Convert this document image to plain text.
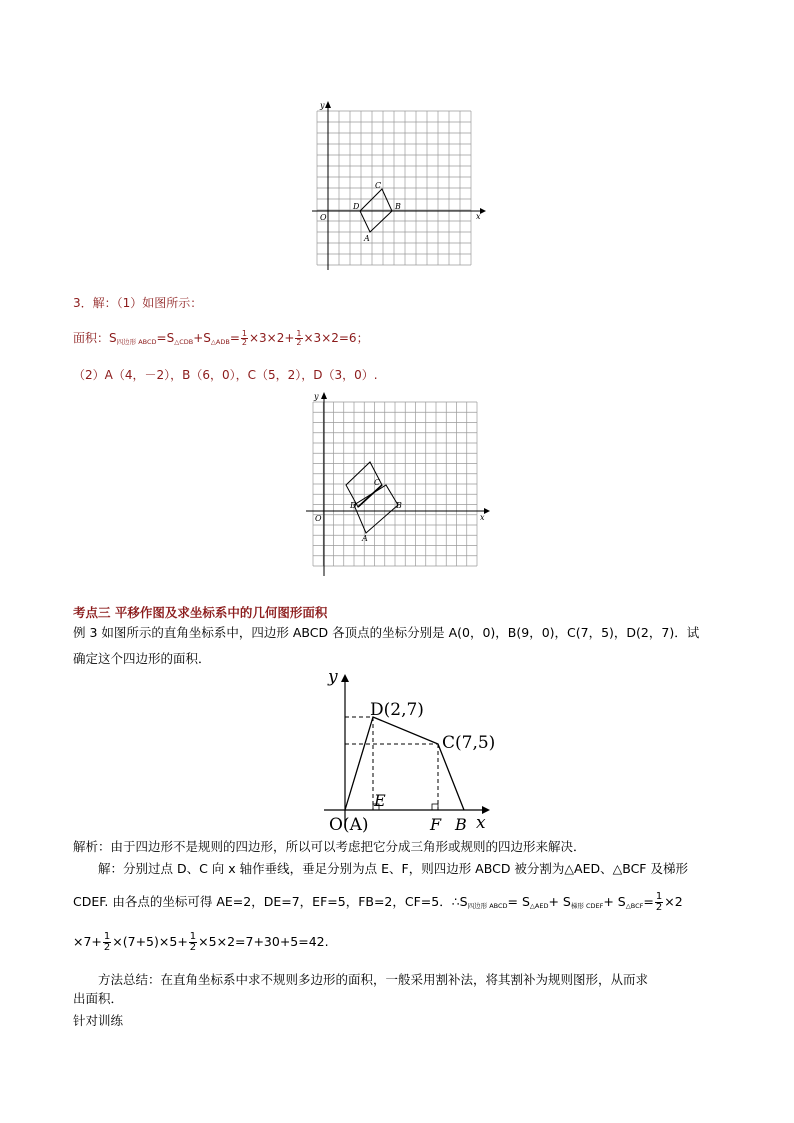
y
x
O
A
B
C
D
3．解：（1）如图所示：
面积：$S_{四边形 ABCD}=S_{\triangle CDB}+S_{\triangle ADB}= \frac{1}{2} \times 3\times 2+ \frac{1}{2} \times 3\times 2=6$；
（2）A（4，－2），B（6，0），C（5，2），D（3，0）.
y
x
O
A
B
C
D
考点三 平移作图及求坐标系中的几何图形面积
例 3 如图所示的直角坐标系中，四边形 ABCD 各顶点的坐标分别是 A(0，0)，B(9，0)，C(7，5)，D(2，7)．试
确定这个四边形的面积．
y
x
D(2,7)
C(7,5)
E
F
O(A)	B
解析：由于四边形不是规则的四边形，所以可以考虑把它分成三角形或规则的四边形来解决．
解：分别过点 D、C 向 x 轴作垂线，垂足分别为点 E、F，则四边形 ABCD 被分割为△AED、△BCF 及梯形
CDEF. 由各点的坐标可得 AE=2，DE=7，EF=5，FB=2，CF=5．$\therefore S_{四边形 ABCD}= S_{\triangle AED}+ S_{梯形 CDEF}+ S_{\triangle BCF}= \frac{1}{2} \times 2$
$\times 7+ \frac{1}{2} \times(7+5)\times 5+ \frac{1}{2} \times 5\times 2=7+30+5=42$.
方法总结：在直角坐标系中求不规则多边形的面积，一般采用割补法，将其割补为规则图形，从而求
出面积．
针对训练
